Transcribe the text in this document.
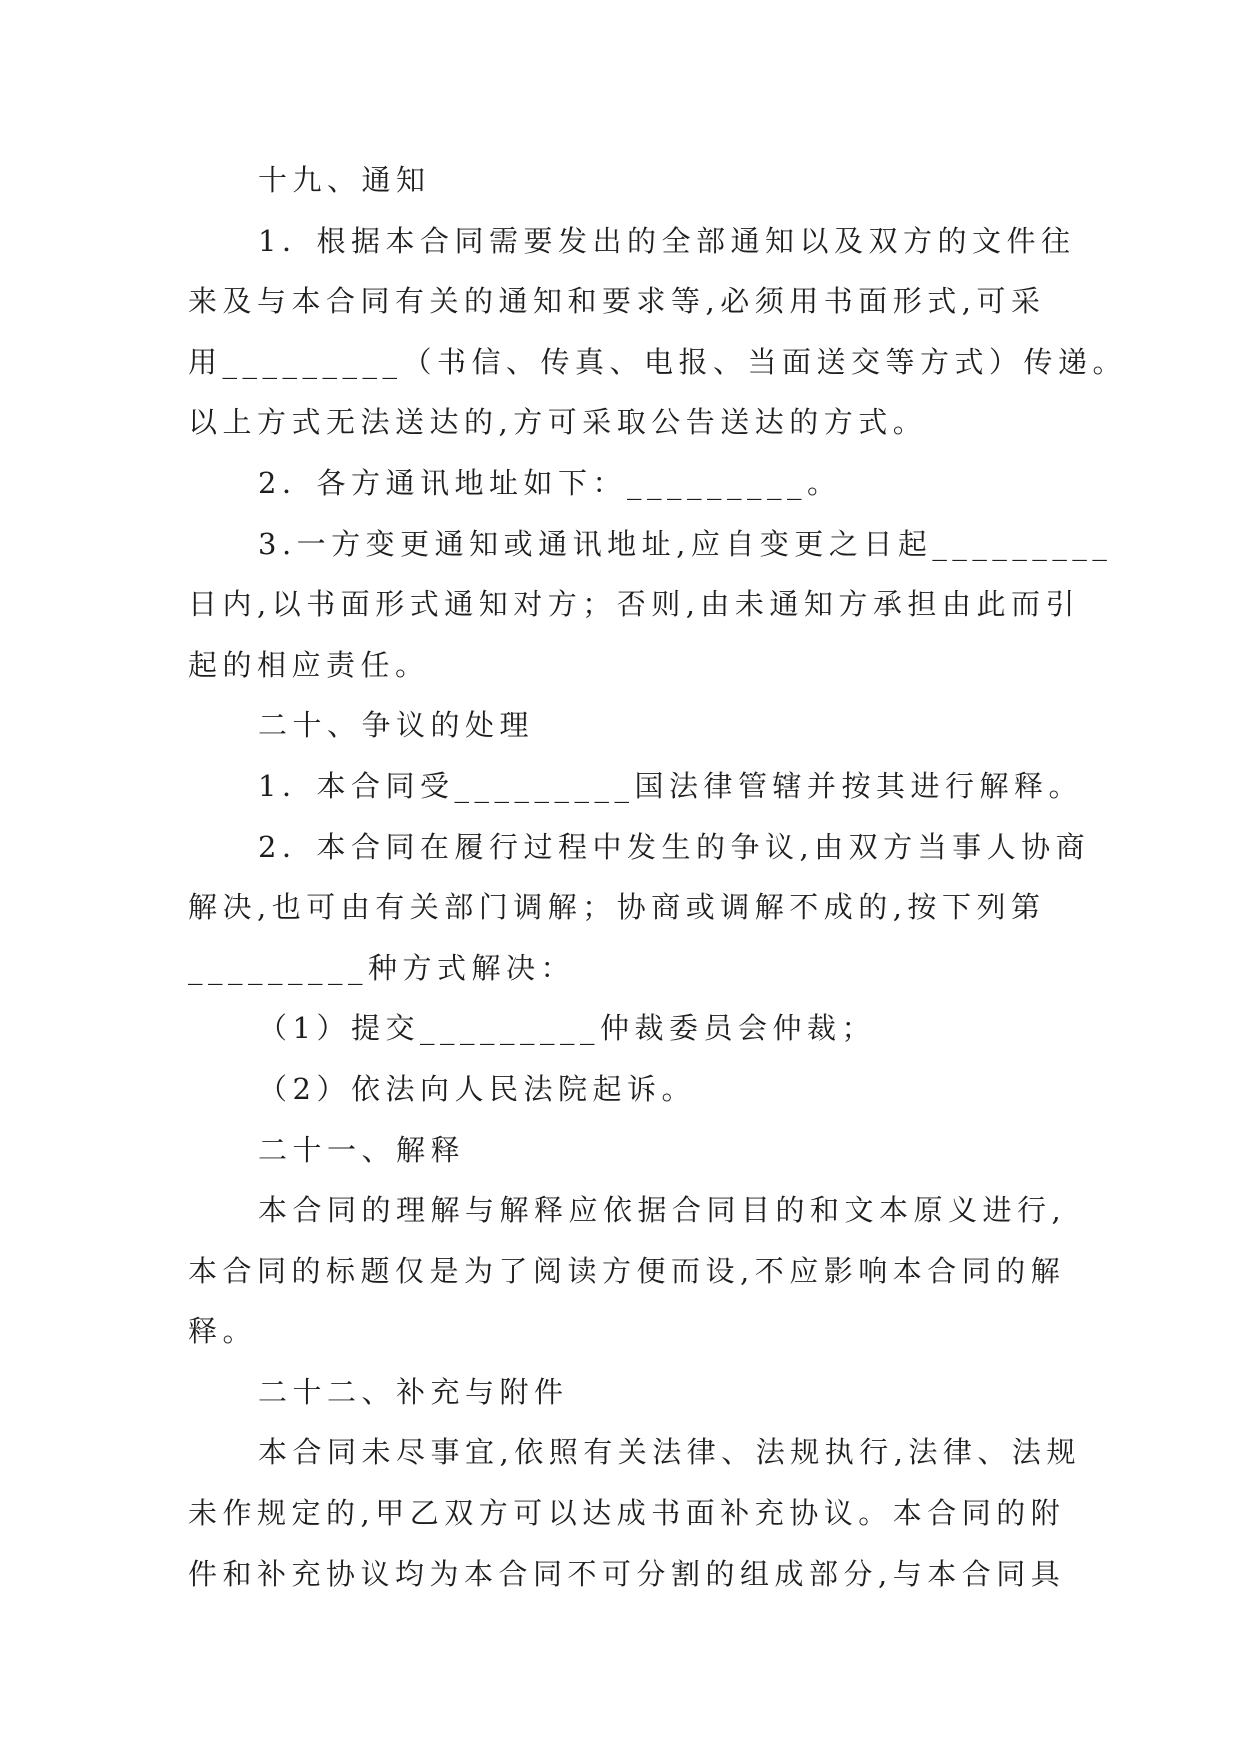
十九、通知
1．根据本合同需要发出的全部通知以及双方的文件往
来及与本合同有关的通知和要求等,必须用书面形式,可采
用_________（书信、传真、电报、当面送交等方式）传递。
以上方式无法送达的,方可采取公告送达的方式。
2．各方通讯地址如下：_________。
3.一方变更通知或通讯地址,应自变更之日起_________
日内,以书面形式通知对方；否则,由未通知方承担由此而引
起的相应责任。
二十、争议的处理
1．本合同受_________国法律管辖并按其进行解释。
2．本合同在履行过程中发生的争议,由双方当事人协商
解决,也可由有关部门调解；协商或调解不成的,按下列第
_________种方式解决：
（1）提交_________仲裁委员会仲裁；
（2）依法向人民法院起诉。
二十一、解释
本合同的理解与解释应依据合同目的和文本原义进行,
本合同的标题仅是为了阅读方便而设,不应影响本合同的解
释。
二十二、补充与附件
本合同未尽事宜,依照有关法律、法规执行,法律、法规
未作规定的,甲乙双方可以达成书面补充协议。本合同的附
件和补充协议均为本合同不可分割的组成部分,与本合同具
